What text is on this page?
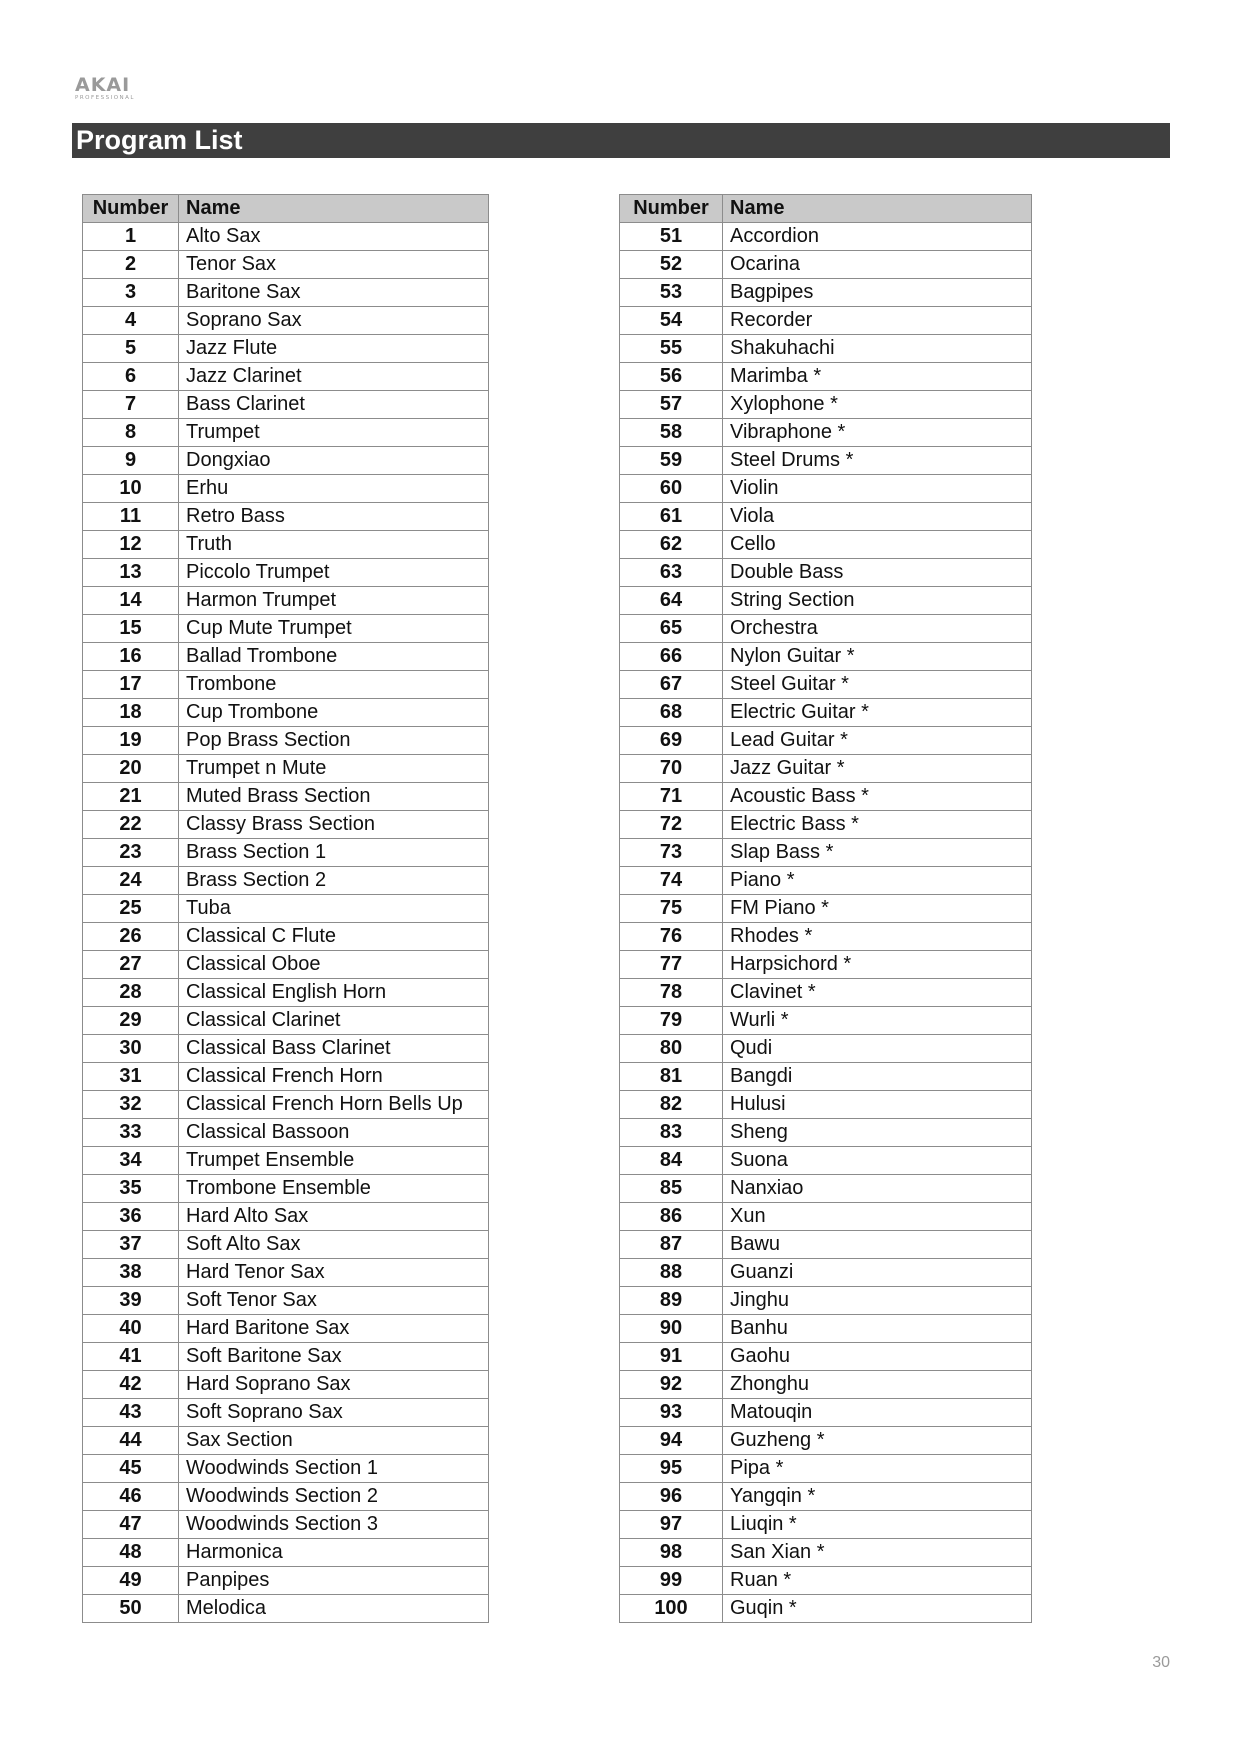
AKAI
PROFESSIONAL
Program List
Number	Name
1	Alto Sax
2	Tenor Sax
3	Baritone Sax
4	Soprano Sax
5	Jazz Flute
6	Jazz Clarinet
7	Bass Clarinet
8	Trumpet
9	Dongxiao
10	Erhu
11	Retro Bass
12	Truth
13	Piccolo Trumpet
14	Harmon Trumpet
15	Cup Mute Trumpet
16	Ballad Trombone
17	Trombone
18	Cup Trombone
19	Pop Brass Section
20	Trumpet n Mute
21	Muted Brass Section
22	Classy Brass Section
23	Brass Section 1
24	Brass Section 2
25	Tuba
26	Classical C Flute
27	Classical Oboe
28	Classical English Horn
29	Classical Clarinet
30	Classical Bass Clarinet
31	Classical French Horn
32	Classical French Horn Bells Up
33	Classical Bassoon
34	Trumpet Ensemble
35	Trombone Ensemble
36	Hard Alto Sax
37	Soft Alto Sax
38	Hard Tenor Sax
39	Soft Tenor Sax
40	Hard Baritone Sax
41	Soft Baritone Sax
42	Hard Soprano Sax
43	Soft Soprano Sax
44	Sax Section
45	Woodwinds Section 1
46	Woodwinds Section 2
47	Woodwinds Section 3
48	Harmonica
49	Panpipes
50	Melodica
Number	Name
51	Accordion
52	Ocarina
53	Bagpipes
54	Recorder
55	Shakuhachi
56	Marimba *
57	Xylophone *
58	Vibraphone *
59	Steel Drums *
60	Violin
61	Viola
62	Cello
63	Double Bass
64	String Section
65	Orchestra
66	Nylon Guitar *
67	Steel Guitar *
68	Electric Guitar *
69	Lead Guitar *
70	Jazz Guitar *
71	Acoustic Bass *
72	Electric Bass *
73	Slap Bass *
74	Piano *
75	FM Piano *
76	Rhodes *
77	Harpsichord *
78	Clavinet *
79	Wurli *
80	Qudi
81	Bangdi
82	Hulusi
83	Sheng
84	Suona
85	Nanxiao
86	Xun
87	Bawu
88	Guanzi
89	Jinghu
90	Banhu
91	Gaohu
92	Zhonghu
93	Matouqin
94	Guzheng *
95	Pipa *
96	Yangqin *
97	Liuqin *
98	San Xian *
99	Ruan *
100	Guqin *
30
